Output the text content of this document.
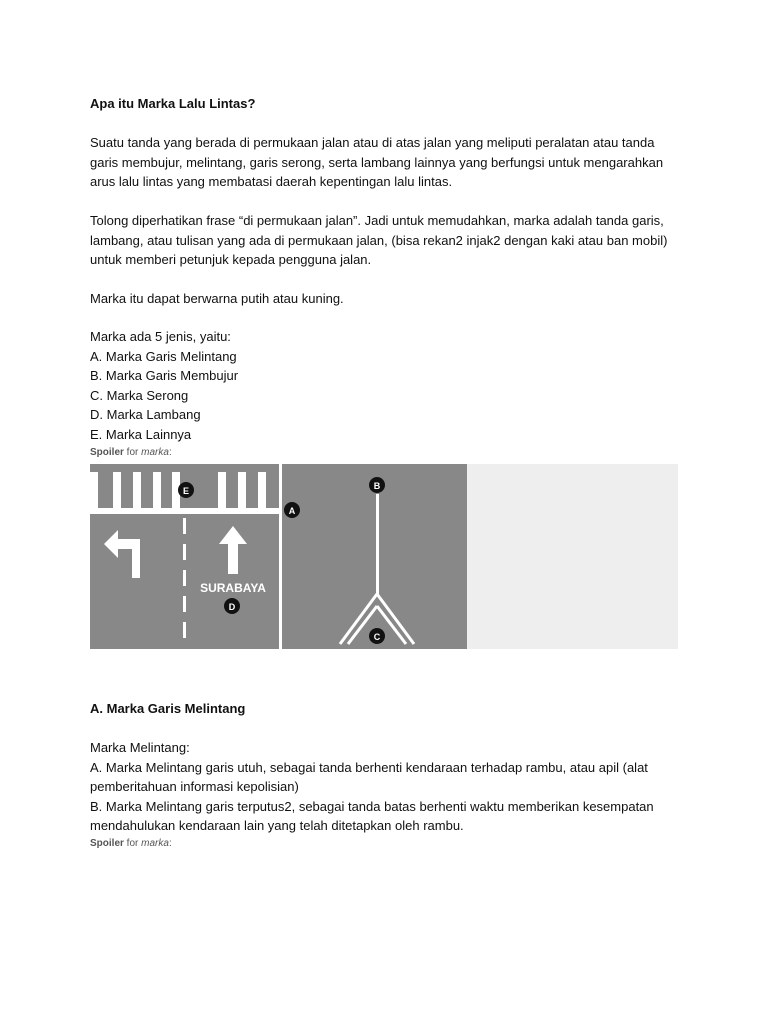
Apa itu Marka Lalu Lintas?

Suatu tanda yang berada di permukaan jalan atau di atas jalan yang meliputi peralatan atau tanda

garis membujur, melintang, garis serong, serta lambang lainnya yang berfungsi untuk mengarahkan

arus lalu lintas yang membatasi daerah kepentingan lalu lintas.

Tolong diperhatikan frase “di permukaan jalan”. Jadi untuk memudahkan, marka adalah tanda garis,

lambang, atau tulisan yang ada di permukaan jalan, (bisa rekan2 injak2 dengan kaki atau ban mobil)

untuk memberi petunjuk kepada pengguna jalan.

Marka itu dapat berwarna putih atau kuning.

Marka ada 5 jenis, yaitu:

A. Marka Garis Melintang

B. Marka Garis Membujur

C. Marka Serong

D. Marka Lambang

E. Marka Lainnya

Spoiler for marka:
SURABAYA
A
B
C
D
E

A. Marka Garis Melintang

Marka Melintang:

A. Marka Melintang garis utuh, sebagai tanda berhenti kendaraan terhadap rambu, atau apil (alat

pemberitahuan informasi kepolisian)

B. Marka Melintang garis terputus2, sebagai tanda batas berhenti waktu memberikan kesempatan

mendahulukan kendaraan lain yang telah ditetapkan oleh rambu.

Spoiler for marka:
